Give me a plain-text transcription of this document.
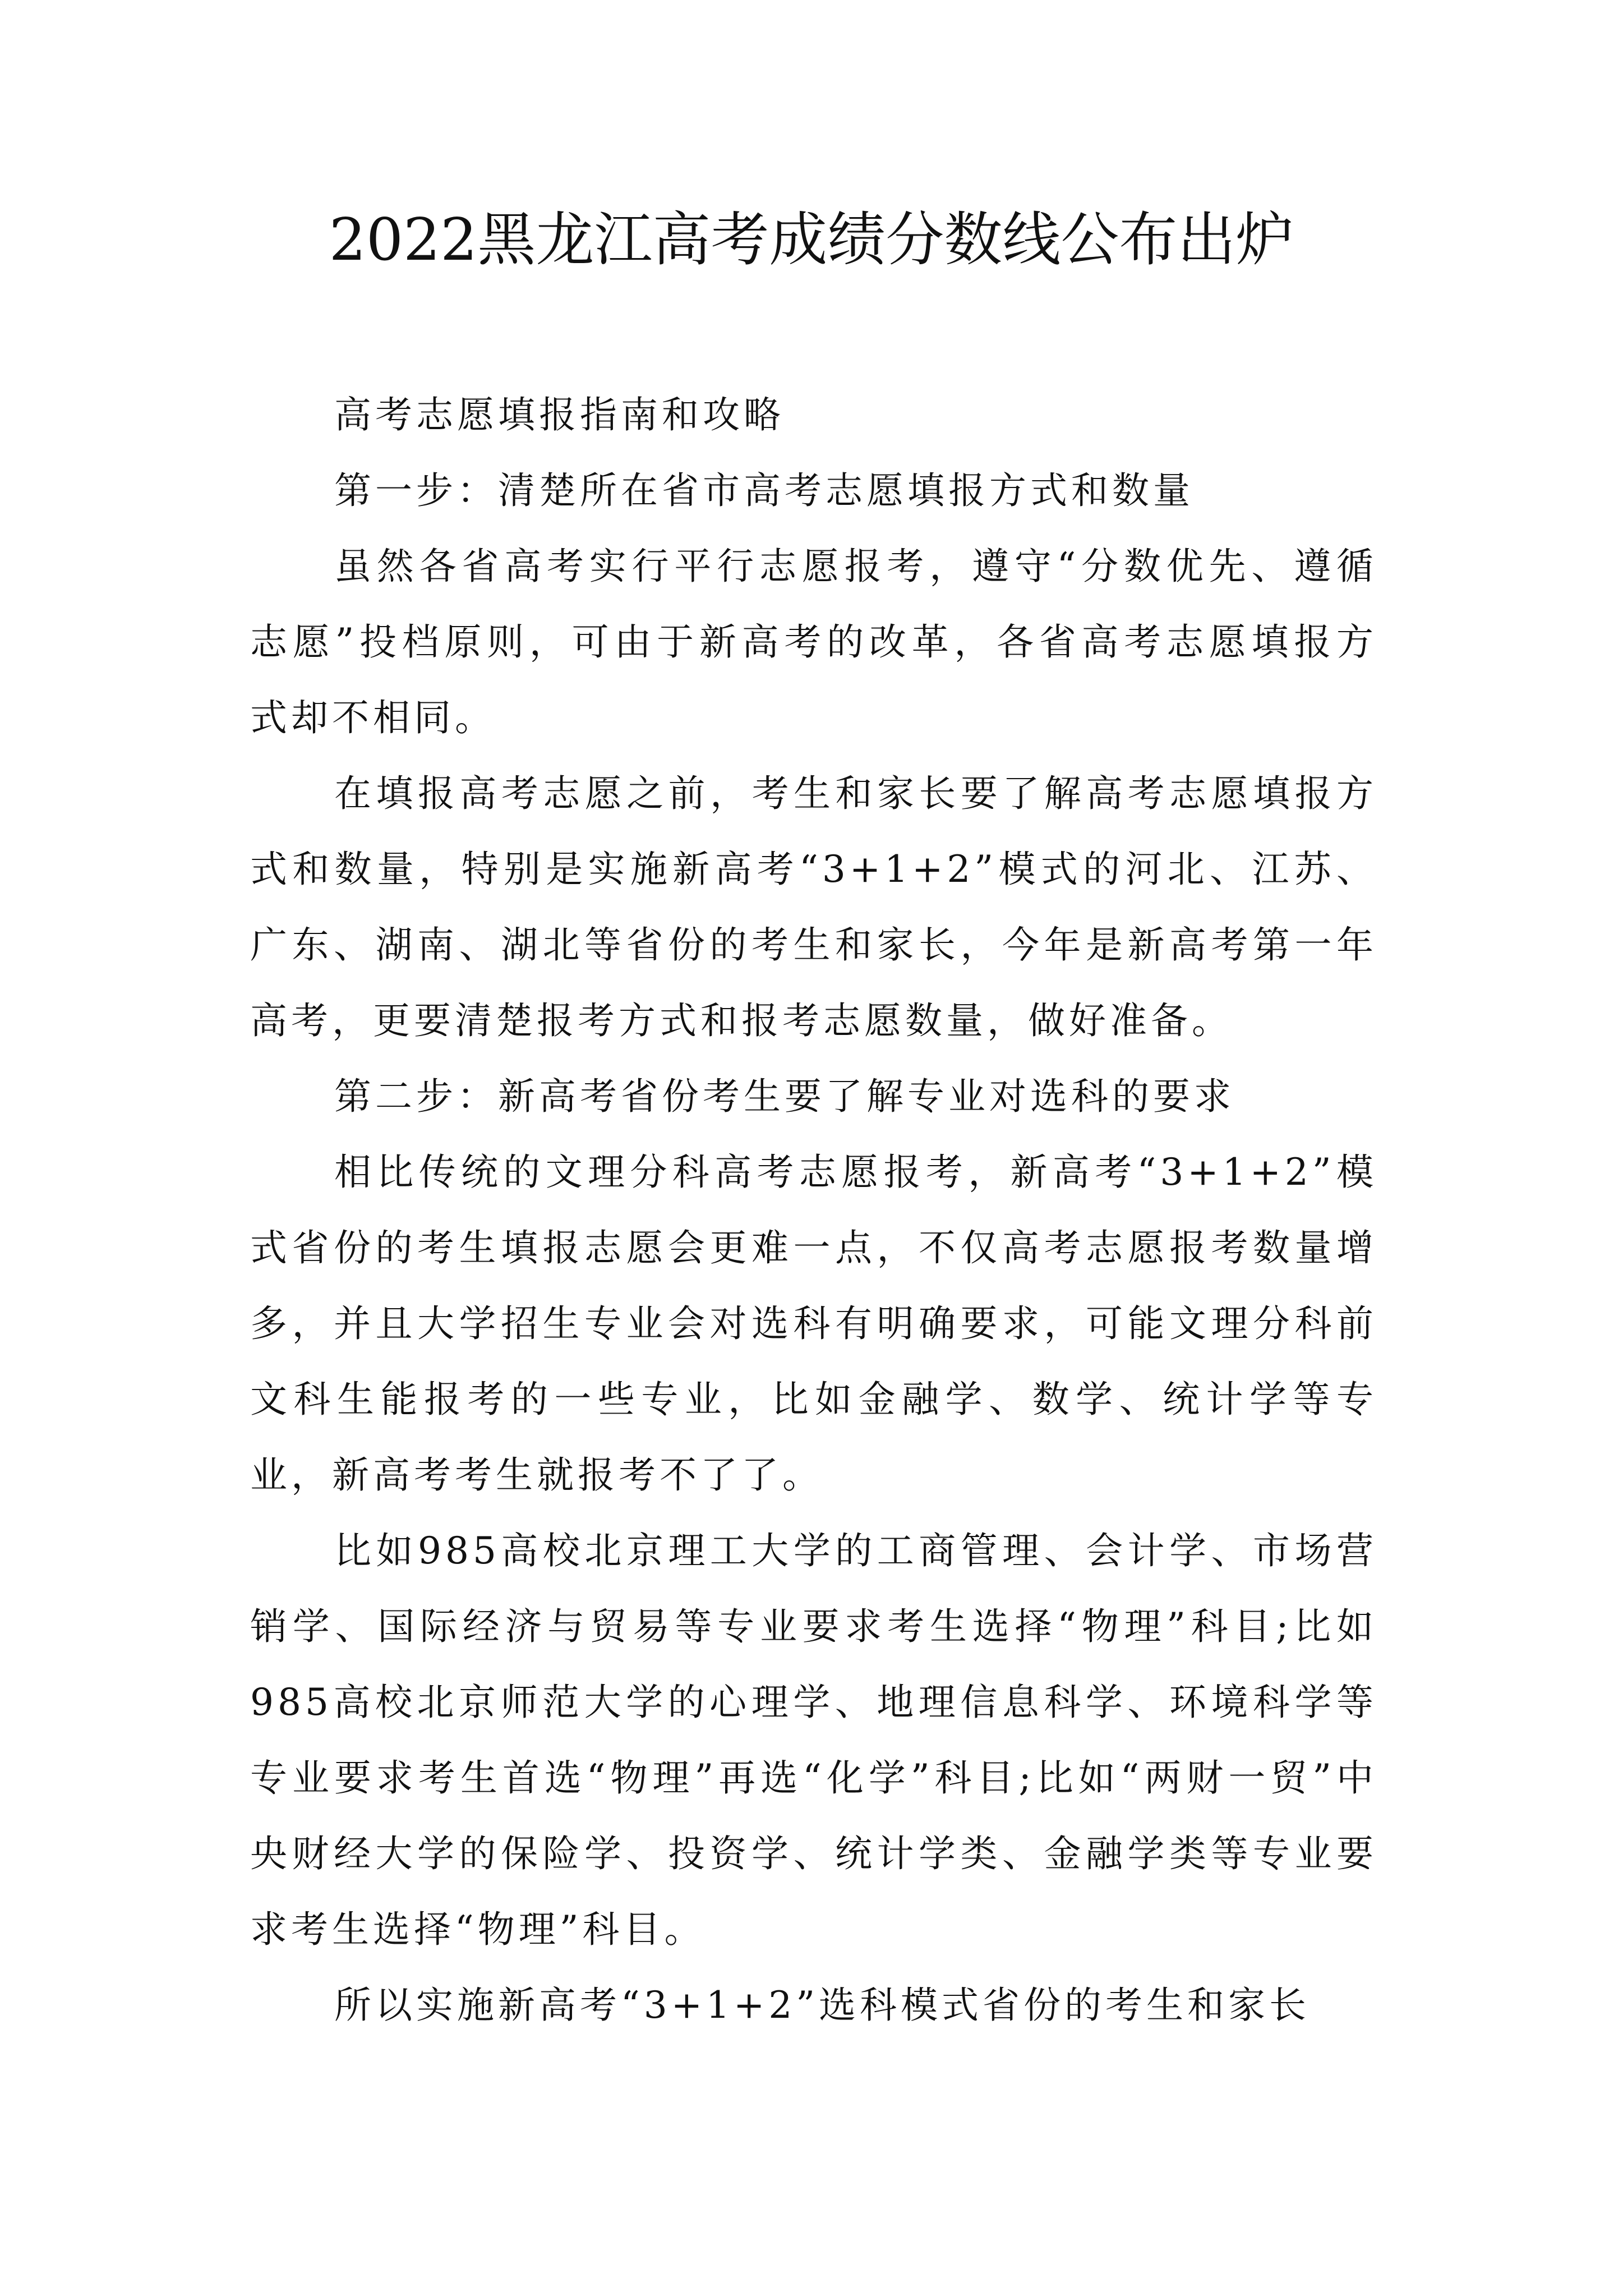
2022黑龙江高考成绩分数线公布出炉

高考志愿填报指南和攻略

第一步：清楚所在省市高考志愿填报方式和数量

虽然各省高考实行平行志愿报考，遵守“分数优先、遵循志愿”投档原则，可由于新高考的改革，各省高考志愿填报方式却不相同。

在填报高考志愿之前，考生和家长要了解高考志愿填报方式和数量，特别是实施新高考“3+1+2”模式的河北、江苏、广东、湖南、湖北等省份的考生和家长，今年是新高考第一年高考，更要清楚报考方式和报考志愿数量，做好准备。

第二步：新高考省份考生要了解专业对选科的要求

相比传统的文理分科高考志愿报考，新高考“3+1+2”模式省份的考生填报志愿会更难一点，不仅高考志愿报考数量增多，并且大学招生专业会对选科有明确要求，可能文理分科前文科生能报考的一些专业，比如金融学、数学、统计学等专业，新高考考生就报考不了了。

比如985高校北京理工大学的工商管理、会计学、市场营销学、国际经济与贸易等专业要求考生选择“物理”科目;比如985高校北京师范大学的心理学、地理信息科学、环境科学等专业要求考生首选“物理”再选“化学”科目;比如“两财一贸”中央财经大学的保险学、投资学、统计学类、金融学类等专业要求考生选择“物理”科目。

所以实施新高考“3+1+2”选科模式省份的考生和家长
